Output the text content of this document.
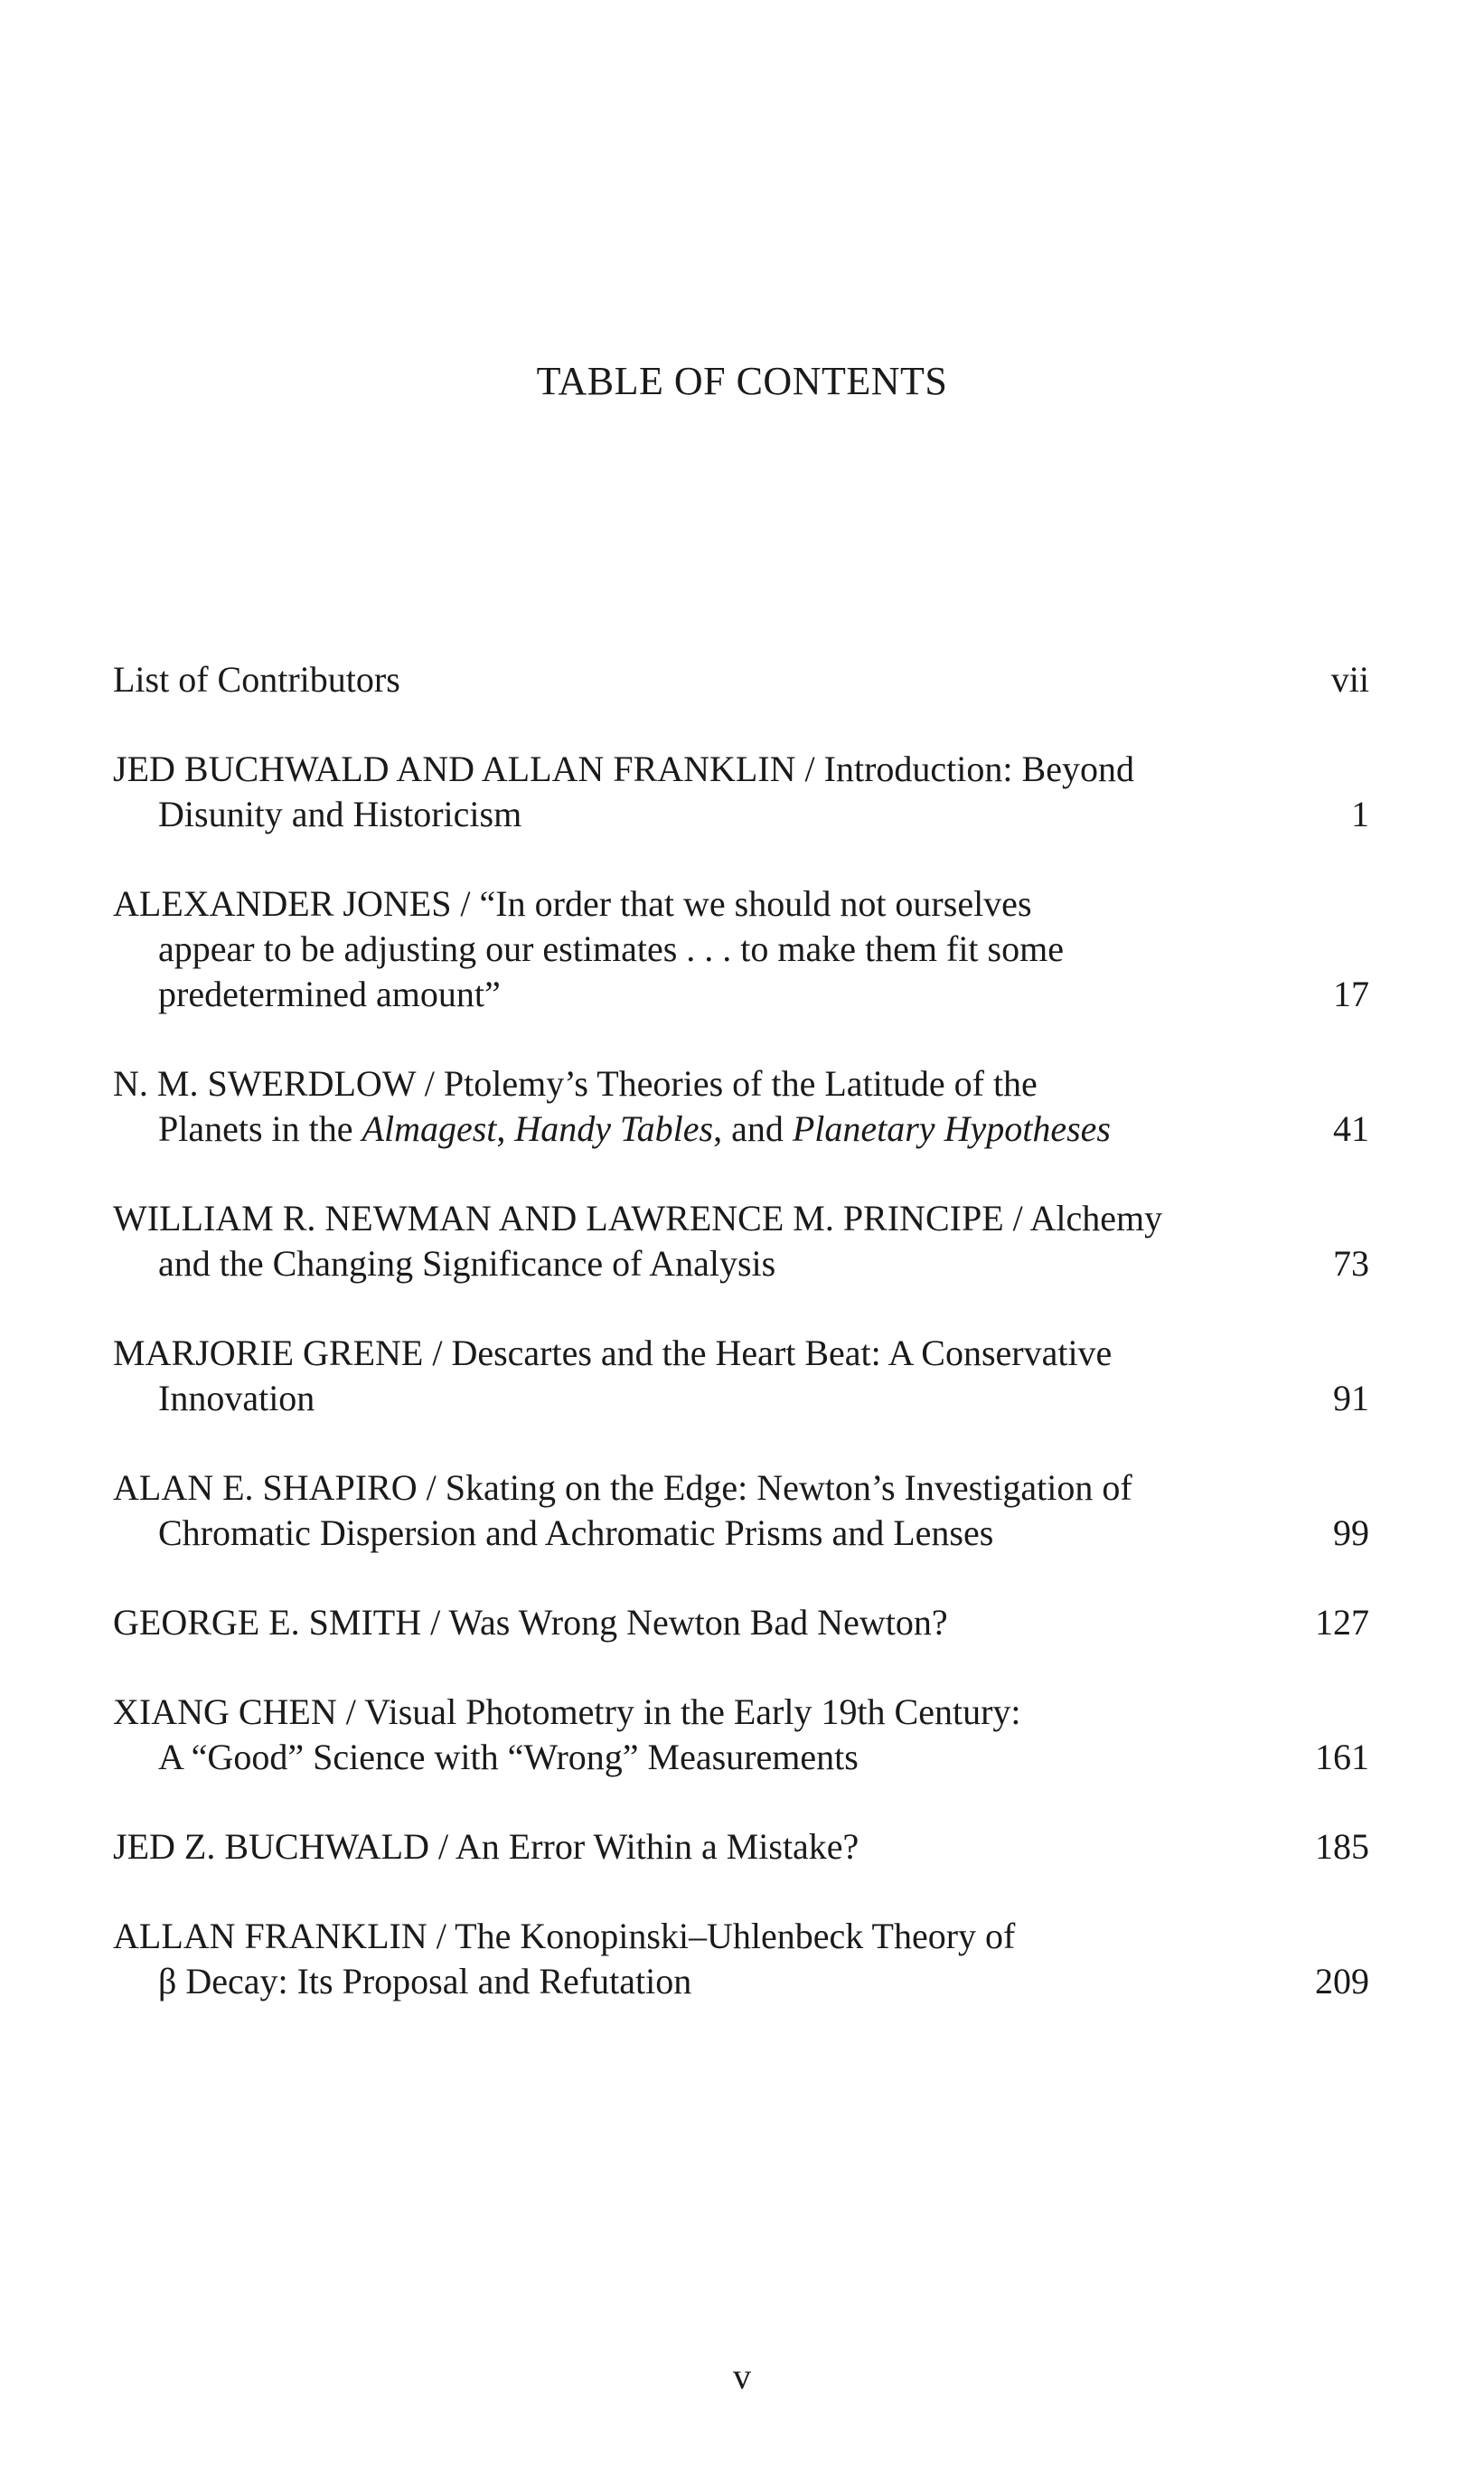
TABLE OF CONTENTS
List of Contributors	vii
JED BUCHWALD AND ALLAN FRANKLIN / Introduction: Beyond
Disunity and Historicism	1
ALEXANDER JONES / “In order that we should not ourselves
appear to be adjusting our estimates . . . to make them fit some
predetermined amount”	17
N. M. SWERDLOW / Ptolemy’s Theories of the Latitude of the
Planets in the Almagest, Handy Tables, and Planetary Hypotheses	41
WILLIAM R. NEWMAN AND LAWRENCE M. PRINCIPE / Alchemy
and the Changing Significance of Analysis	73
MARJORIE GRENE / Descartes and the Heart Beat: A Conservative
Innovation	91
ALAN E. SHAPIRO / Skating on the Edge: Newton’s Investigation of
Chromatic Dispersion and Achromatic Prisms and Lenses	99
GEORGE E. SMITH / Was Wrong Newton Bad Newton?	127
XIANG CHEN / Visual Photometry in the Early 19th Century:
A “Good” Science with “Wrong” Measurements	161
JED Z. BUCHWALD / An Error Within a Mistake?	185
ALLAN FRANKLIN / The Konopinski–Uhlenbeck Theory of
β Decay: Its Proposal and Refutation	209
v
